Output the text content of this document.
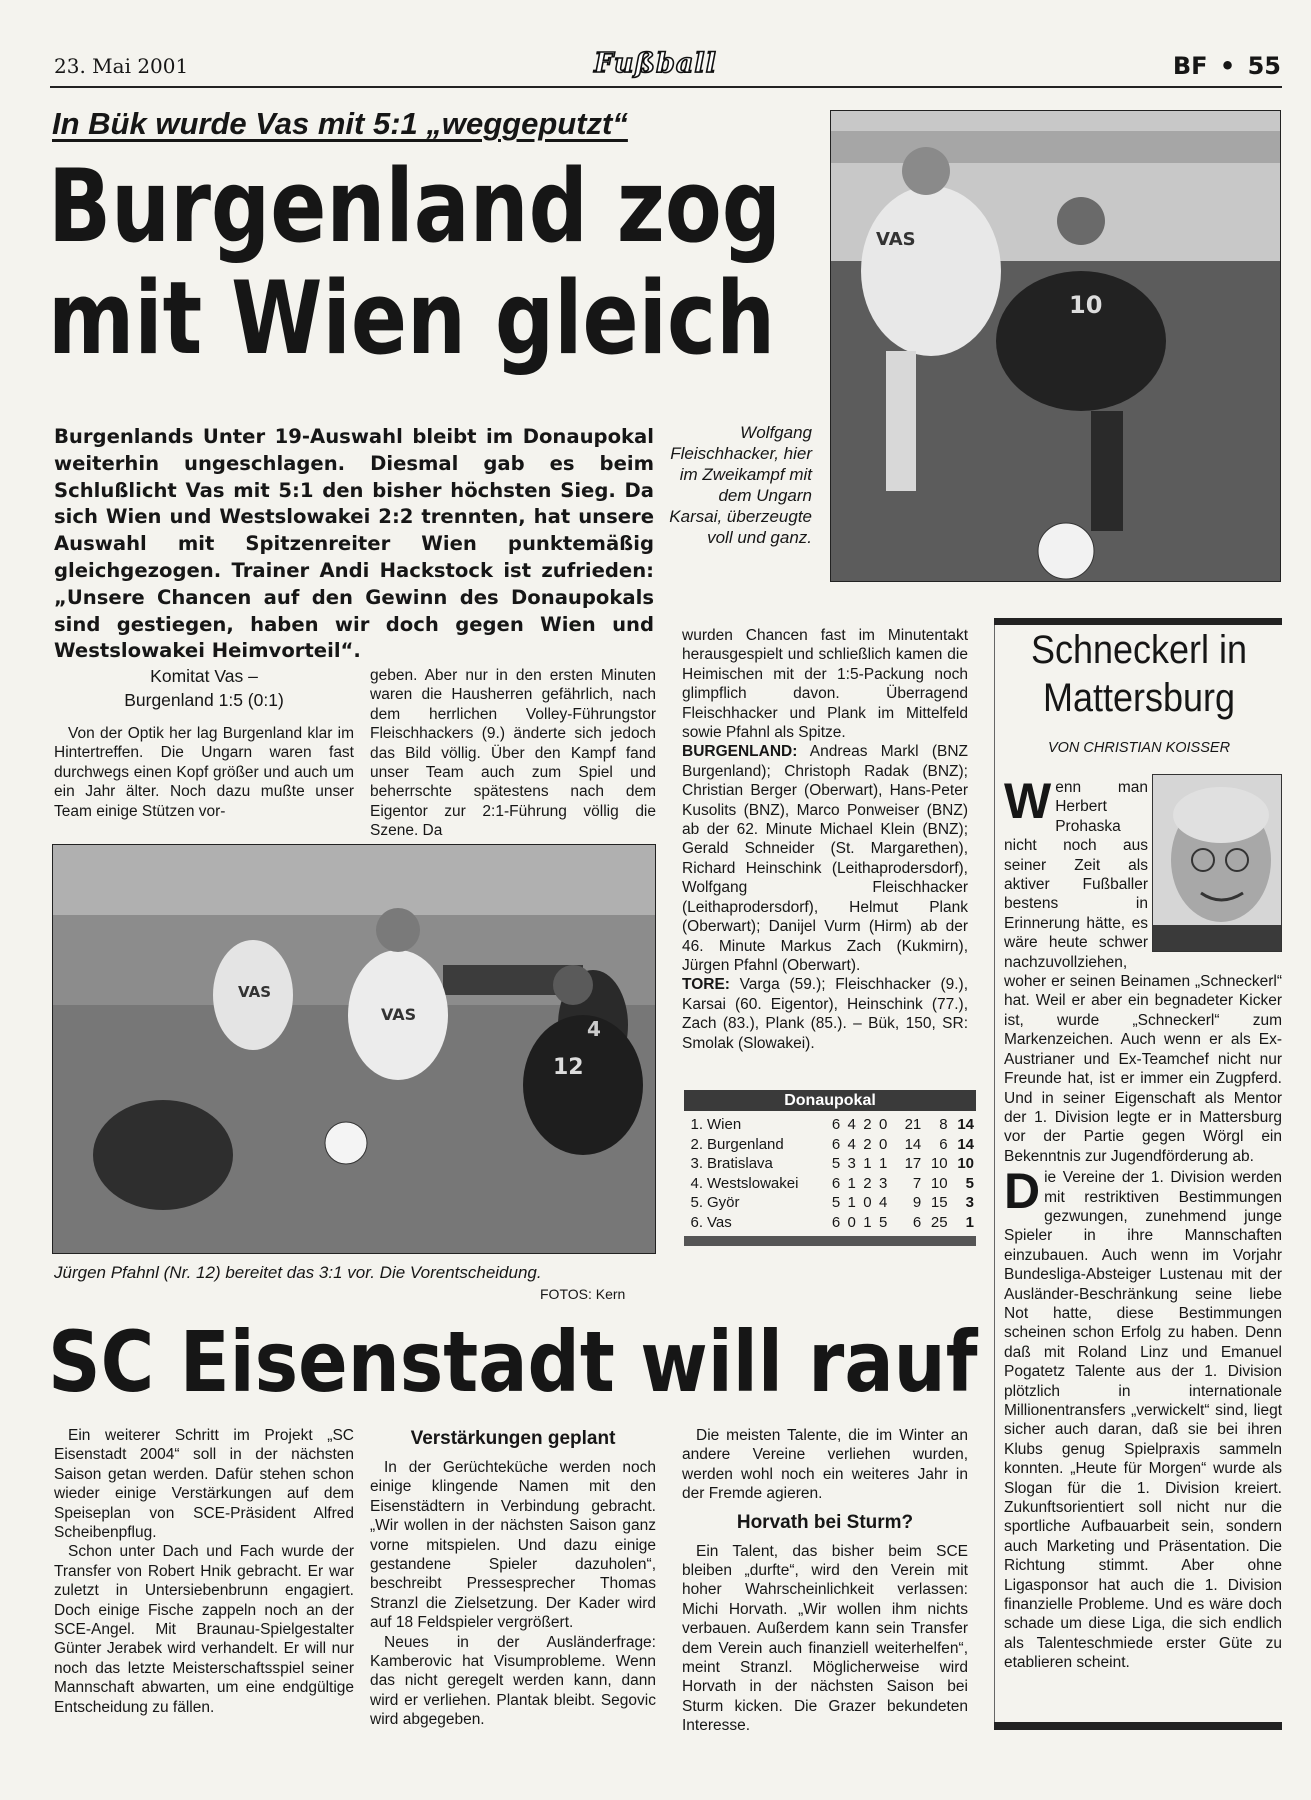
23. Mai 2001	Fußball	BF • 55
In Bük wurde Vas mit 5:1 „weggeputzt“
Burgenland zog
mit Wien gleich
Burgenlands Unter 19-Auswahl bleibt im Donaupokal weiterhin ungeschlagen. Diesmal gab es beim Schlußlicht Vas mit 5:1 den bisher höchsten Sieg. Da sich Wien und Westslowakei 2:2 trennten, hat unsere Auswahl mit Spitzenreiter Wien punktemäßig gleichgezogen. Trainer Andi Hackstock ist zufrieden: „Unsere Chancen auf den Gewinn des Donaupokals sind gestiegen, haben wir doch gegen Wien und Westslowakei Heimvorteil“.
VAS
10
Wolfgang Fleischhacker, hier im Zweikampf mit dem Ungarn Karsai, überzeugte voll und ganz.
Komitat Vas –
Burgenland 1:5 (0:1)
Von der Optik her lag Burgenland klar im Hintertreffen. Die Ungarn waren fast durchwegs einen Kopf größer und auch um ein Jahr älter. Noch dazu mußte unser Team einige Stützen vor-
geben. Aber nur in den ersten Minuten waren die Hausherren gefährlich, nach dem herrlichen Volley-Führungstor Fleischhackers (9.) änderte sich jedoch das Bild völlig. Über den Kampf fand unser Team auch zum Spiel und beherrschte spätestens nach dem Eigentor zur 2:1-Führung völlig die Szene. Da

wurden Chancen fast im Minutentakt herausgespielt und schließlich kamen die Heimischen mit der 1:5-Packung noch glimpflich davon. Überragend Fleischhacker und Plank im Mittelfeld sowie Pfahnl als Spitze.

BURGENLAND: Andreas Markl (BNZ Burgenland); Christoph Radak (BNZ); Christian Berger (Oberwart), Hans-Peter Kusolits (BNZ), Marco Ponweiser (BNZ) ab der 62. Minute Michael Klein (BNZ); Gerald Schneider (St. Margarethen), Richard Heinschink (Leithaprodersdorf), Wolfgang Fleischhacker (Leithaprodersdorf), Helmut Plank (Oberwart); Danijel Vurm (Hirm) ab der 46. Minute Markus Zach (Kukmirn), Jürgen Pfahnl (Oberwart).

TORE: Varga (59.); Fleischhacker (9.), Karsai (60. Eigentor), Heinschink (77.), Zach (83.), Plank (85.). – Bük, 150, SR: Smolak (Slowakei).

VAS
VAS
12
4
Jürgen Pfahnl (Nr. 12) bereitet das 3:1 vor. Die Vorentscheidung.
FOTOS: Kern
Donaupokal
1.	Wien	6	4	2	0	21	8	14
2.	Burgenland	6	4	2	0	14	6	14
3.	Bratislava	5	3	1	1	17	10	10
4.	Westslowakei	6	1	2	3	7	10	5
5.	Györ	5	1	0	4	9	15	3
6.	Vas	6	0	1	5	6	25	1
Schneckerl in
Mattersburg
VON CHRISTIAN KOISSER
W enn man Herbert Prohaska nicht noch aus seiner Zeit als aktiver Fußballer bestens in Erinnerung hätte, es wäre heute schwer nachzuvollziehen, woher er seinen Beinamen „Schneckerl“ hat. Weil er aber ein begnadeter Kicker ist, wurde „Schneckerl“ zum Markenzeichen. Auch wenn er als Ex-Austrianer und Ex-Teamchef nicht nur Freunde hat, ist er immer ein Zugpferd. Und in seiner Eigenschaft als Mentor der 1. Division legte er in Mattersburg vor der Partie gegen Wörgl ein Bekenntnis zur Jugendförderung ab.

Die Vereine der 1. Division werden mit restriktiven Bestimmungen gezwungen, zunehmend junge Spieler in ihre Mannschaften einzubauen. Auch wenn im Vorjahr Bundesliga-Absteiger Lustenau mit der Ausländer-Beschränkung seine liebe Not hatte, diese Bestimmungen scheinen schon Erfolg zu haben. Denn daß mit Roland Linz und Emanuel Pogatetz Talente aus der 1. Division plötzlich in internationale Millionentransfers „verwickelt“ sind, liegt sicher auch daran, daß sie bei ihren Klubs genug Spielpraxis sammeln konnten. „Heute für Morgen“ wurde als Slogan für die 1. Division kreiert. Zukunftsorientiert soll nicht nur die sportliche Aufbauarbeit sein, sondern auch Marketing und Präsentation. Die Richtung stimmt. Aber ohne Ligasponsor hat auch die 1. Division finanzielle Probleme. Und es wäre doch schade um diese Liga, die sich endlich als Talenteschmiede erster Güte zu etablieren scheint.

SC Eisenstadt will rauf

Ein weiterer Schritt im Projekt „SC Eisenstadt 2004“ soll in der nächsten Saison getan werden. Dafür stehen schon wieder einige Verstärkungen auf dem Speiseplan von SCE-Präsident Alfred Scheibenpflug.

Schon unter Dach und Fach wurde der Transfer von Robert Hnik gebracht. Er war zuletzt in Untersiebenbrunn engagiert. Doch einige Fische zappeln noch an der SCE-Angel. Mit Braunau-Spielgestalter Günter Jerabek wird verhandelt. Er will nur noch das letzte Meisterschaftsspiel seiner Mannschaft abwarten, um eine endgültige Entscheidung zu fällen.

Verstärkungen geplant

In der Gerüchteküche werden noch einige klingende Namen mit den Eisenstädtern in Verbindung gebracht. „Wir wollen in der nächsten Saison ganz vorne mitspielen. Und dazu einige gestandene Spieler dazuholen“, beschreibt Pressesprecher Thomas Stranzl die Zielsetzung. Der Kader wird auf 18 Feldspieler vergrößert.

Neues in der Ausländerfrage: Kamberovic hat Visumprobleme. Wenn das nicht geregelt werden kann, dann wird er verliehen. Plantak bleibt. Segovic wird abgegeben.

Die meisten Talente, die im Winter an andere Vereine verliehen wurden, werden wohl noch ein weiteres Jahr in der Fremde agieren.

Horvath bei Sturm?

Ein Talent, das bisher beim SCE bleiben „durfte“, wird den Verein mit hoher Wahrscheinlichkeit verlassen: Michi Horvath. „Wir wollen ihm nichts verbauen. Außerdem kann sein Transfer dem Verein auch finanziell weiterhelfen“, meint Stranzl. Möglicherweise wird Horvath in der nächsten Saison bei Sturm kicken. Die Grazer bekundeten Interesse.
